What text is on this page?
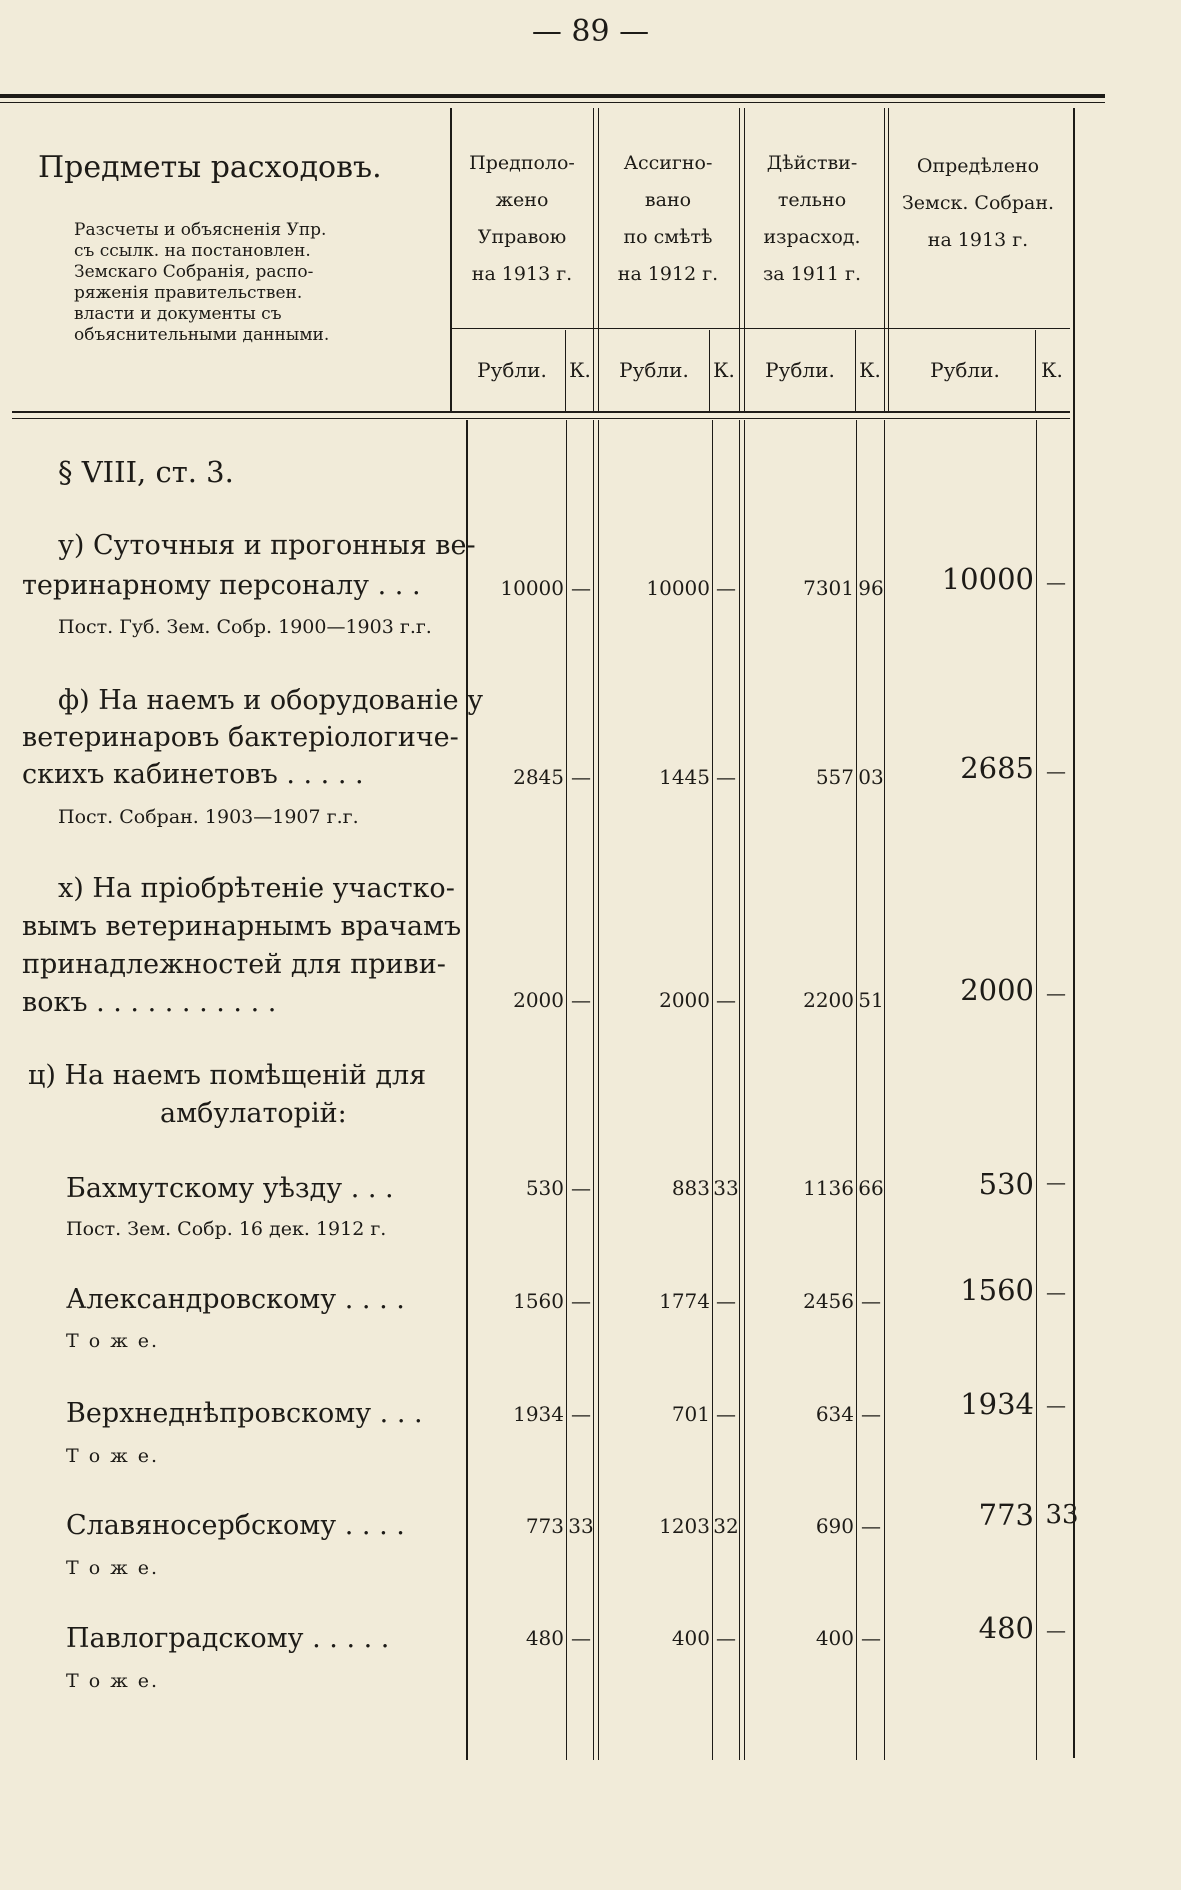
— 89 —
Предметы расходовъ.
Разсчеты и объясненія Упр.
съ ссылк. на постановлен.
Земскаго Собранія, распо-
ряженія правительствен.
власти и документы съ
объяснительными данными.
Предполо-
жено
Управою
на 1913 г.
Ассигно-
вано
по смѣтѣ
на 1912 г.
Дѣйстви-
тельно
израсход.
за 1911 г.
Опредѣлено
Земск. Собран.
на 1913 г.
Рубли.	К.	Рубли.	К.	Рубли.	К.	Рубли.	К.
§ VIII, ст. 3.
у) Суточныя и прогонныя ве-
теринарному персоналу . . .
Пост. Губ. Зем. Собр. 1900—1903 г.г.
10000 —	10000 —	7301 96	10000 —
ф) На наемъ и оборудованіе у
ветеринаровъ бактеріологиче-
скихъ кабинетовъ . . . . .
Пост. Собран. 1903—1907 г.г.
2845 —	1445 —	557 03	2685 —
х) На пріобрѣтеніе участко-
вымъ ветеринарнымъ врачамъ
принадлежностей для приви-
вокъ . . . . . . . . . . .	2000 —	2000 —	2200 51	2000 —
ц) На наемъ помѣщеній для
амбулаторій:
Бахмутскому уѣзду . . .
Пост. Зем. Собр. 16 дек. 1912 г.
530 —	883 33	1136 66	530 —
Александровскому . . . .
Т о ж е.
1560 —	1774 —	2456 —	1560 —
Верхнеднѣпровскому . . .
Т о ж е.
1934 —	701 —	634 —	1934 —
Славяносербскому . . . .
Т о ж е.
773 33	1203 32	690 —	773 33
Павлоградскому . . . . .
Т о ж е.
480 —	400 —	400 —	480 —
